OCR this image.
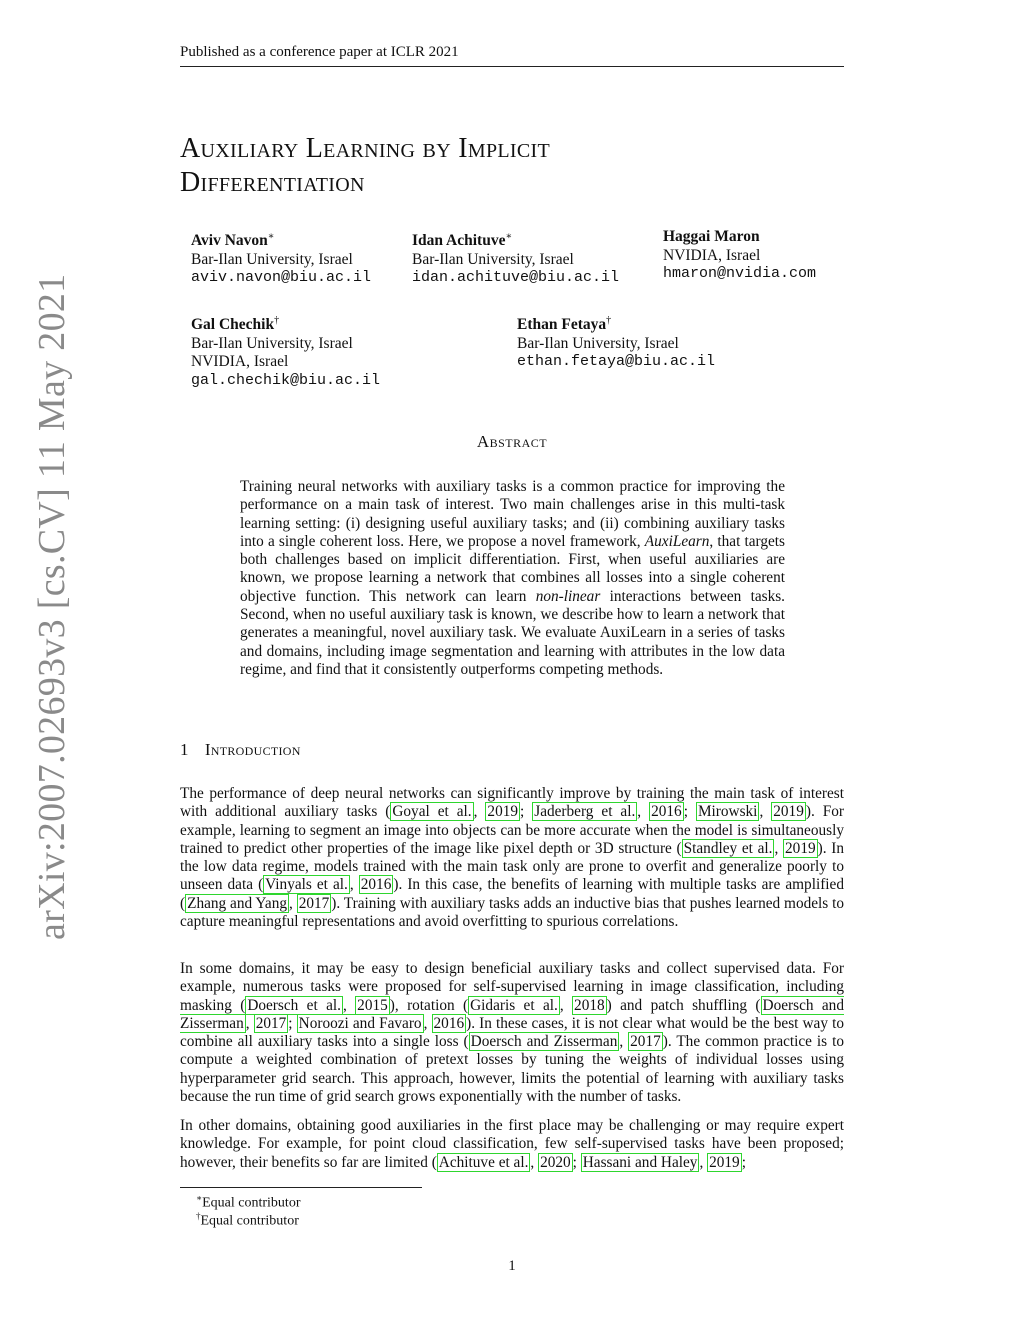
Published as a conference paper at ICLR 2021
Auxiliary Learning by Implicit
Differentiation
Aviv Navon∗
Bar-Ilan University, Israel
aviv.navon@biu.ac.il
Idan Achituve∗
Bar-Ilan University, Israel
idan.achituve@biu.ac.il
Haggai Maron
NVIDIA, Israel
hmaron@nvidia.com
Gal Chechik†
Bar-Ilan University, Israel
NVIDIA, Israel
gal.chechik@biu.ac.il
Ethan Fetaya†
Bar-Ilan University, Israel
ethan.fetaya@biu.ac.il
arXiv:2007.02693v3 [cs.CV] 11 May 2021	Abstract
Training neural networks with auxiliary tasks is a common practice for improving the performance on a main task of interest. Two main challenges arise in this multi-task learning setting: (i) designing useful auxiliary tasks; and (ii) combining auxiliary tasks into a single coherent loss. Here, we propose a novel framework, AuxiLearn, that targets both challenges based on implicit differentiation. First, when useful auxiliaries are known, we propose learning a network that combines all losses into a single coherent objective function. This network can learn non-linear interactions between tasks. Second, when no useful auxiliary task is known, we describe how to learn a network that generates a meaningful, novel auxiliary task. We evaluate AuxiLearn in a series of tasks and domains, including image segmentation and learning with attributes in the low data regime, and find that it consistently outperforms competing methods.
1 Introduction
The performance of deep neural networks can significantly improve by training the main task of interest with additional auxiliary tasks ( Goyal et al. , 2019 ; Jaderberg et al. , 2016 ; Mirowski , 2019 ). For example, learning to segment an image into objects can be more accurate when the model is simultaneously trained to predict other properties of the image like pixel depth or 3D structure ( Standley et al. , 2019 ). In the low data regime, models trained with the main task only are prone to overfit and generalize poorly to unseen data ( Vinyals et al. , 2016 ). In this case, the benefits of learning with multiple tasks are amplified ( Zhang and Yang , 2017 ). Training with auxiliary tasks adds an inductive bias that pushes learned models to capture meaningful representations and avoid overfitting to spurious correlations.
In some domains, it may be easy to design beneficial auxiliary tasks and collect supervised data. For example, numerous tasks were proposed for self-supervised learning in image classification, including masking ( Doersch et al. , 2015 ), rotation ( Gidaris et al. , 2018 ) and patch shuffling ( Doersch and Zisserman , 2017 ; Noroozi and Favaro , 2016 ). In these cases, it is not clear what would be the best way to combine all auxiliary tasks into a single loss ( Doersch and Zisserman , 2017 ). The common practice is to compute a weighted combination of pretext losses by tuning the weights of individual losses using hyperparameter grid search. This approach, however, limits the potential of learning with auxiliary tasks because the run time of grid search grows exponentially with the number of tasks.
In other domains, obtaining good auxiliaries in the first place may be challenging or may require expert knowledge. For example, for point cloud classification, few self-supervised tasks have been proposed; however, their benefits so far are limited ( Achituve et al. , 2020 ; Hassani and Haley , 2019 ;
∗Equal contributor
†Equal contributor
1
